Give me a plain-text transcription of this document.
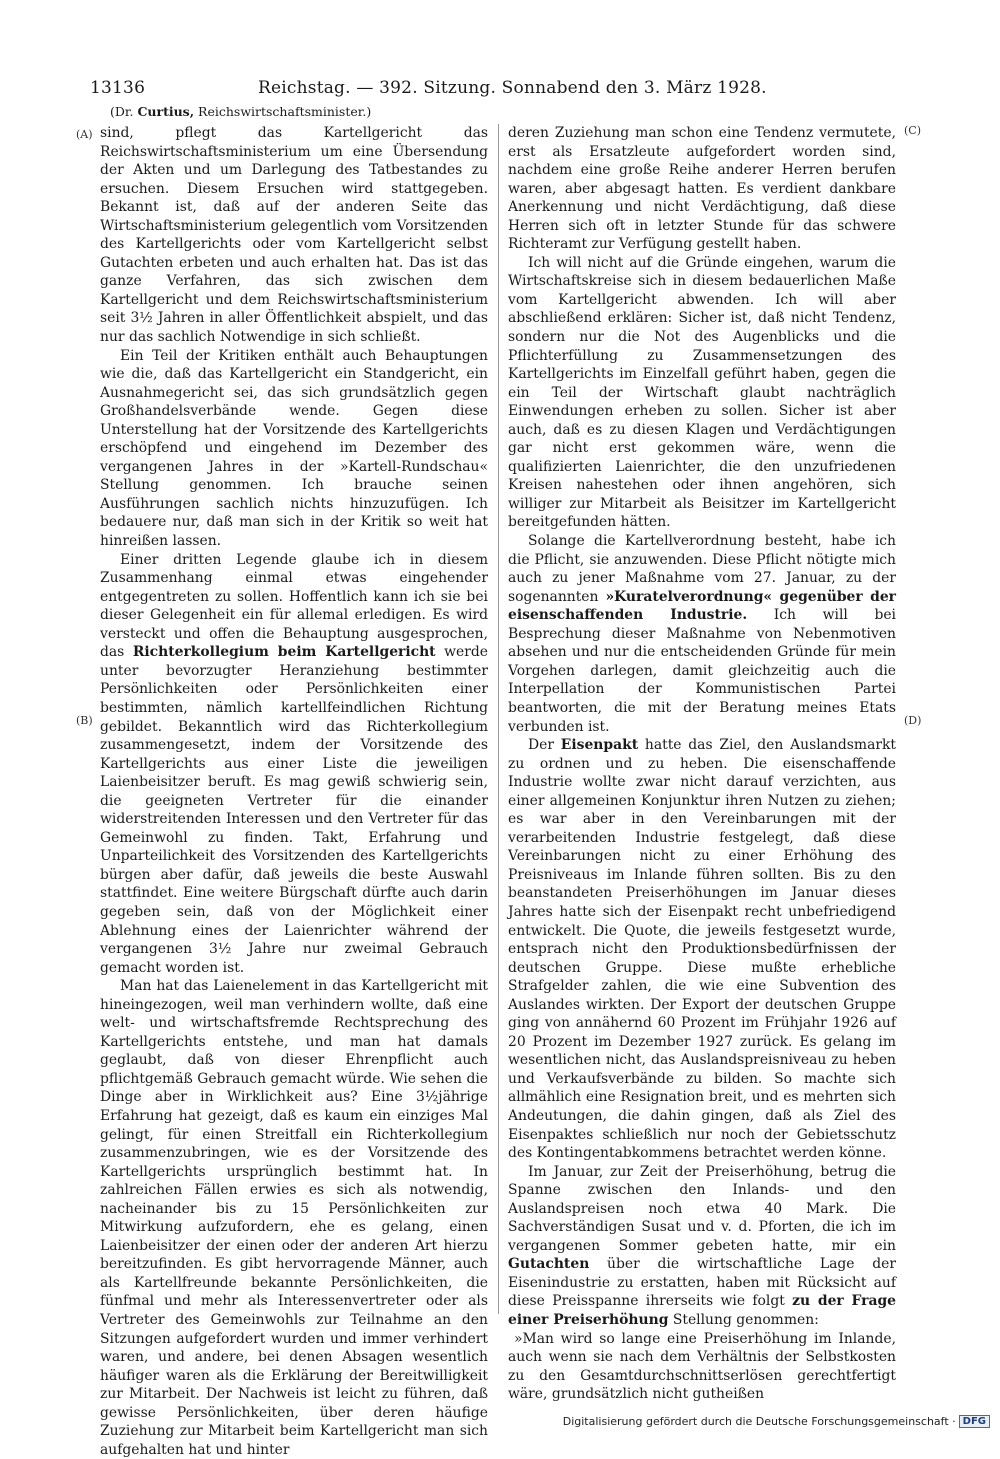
13136	Reichstag. — 392. Sitzung. Sonnabend den 3. März 1928.
(Dr. Curtius, Reichswirtschaftsminister.)
(A)
(B)
(C)
(D)

sind, pflegt das Kartellgericht das Reichswirtschaftsministerium um eine Übersendung der Akten und um Darlegung des Tatbestandes zu ersuchen. Diesem Ersuchen wird stattgegeben. Bekannt ist, daß auf der anderen Seite das Wirtschaftsministerium gelegentlich vom Vorsitzenden des Kartellgerichts oder vom Kartellgericht selbst Gutachten erbeten und auch erhalten hat. Das ist das ganze Verfahren, das sich zwischen dem Kartellgericht und dem Reichswirtschaftsministerium seit 3½ Jahren in aller Öffentlichkeit abspielt, und das nur das sachlich Notwendige in sich schließt.

Ein Teil der Kritiken enthält auch Behauptungen wie die, daß das Kartellgericht ein Standgericht, ein Ausnahmegericht sei, das sich grundsätzlich gegen Großhandelsverbände wende. Gegen diese Unterstellung hat der Vorsitzende des Kartellgerichts erschöpfend und eingehend im Dezember des vergangenen Jahres in der »Kartell-Rundschau« Stellung genommen. Ich brauche seinen Ausführungen sachlich nichts hinzuzufügen. Ich bedauere nur, daß man sich in der Kritik so weit hat hinreißen lassen.

Einer dritten Legende glaube ich in diesem Zusammenhang einmal etwas eingehender entgegentreten zu sollen. Hoffentlich kann ich sie bei dieser Gelegenheit ein für allemal erledigen. Es wird versteckt und offen die Behauptung ausgesprochen, das Richterkollegium beim Kartellgericht werde unter bevorzugter Heranziehung bestimmter Persönlichkeiten oder Persönlichkeiten einer bestimmten, nämlich kartellfeindlichen Richtung gebildet. Bekanntlich wird das Richterkollegium zusammengesetzt, indem der Vorsitzende des Kartellgerichts aus einer Liste die jeweiligen Laienbeisitzer beruft. Es mag gewiß schwierig sein, die geeigneten Vertreter für die einander widerstreitenden Interessen und den Vertreter für das Gemeinwohl zu finden. Takt, Erfahrung und Unparteilichkeit des Vorsitzenden des Kartellgerichts bürgen aber dafür, daß jeweils die beste Auswahl stattfindet. Eine weitere Bürgschaft dürfte auch darin gegeben sein, daß von der Möglichkeit einer Ablehnung eines der Laienrichter während der vergangenen 3½ Jahre nur zweimal Gebrauch gemacht worden ist.

Man hat das Laienelement in das Kartellgericht mit hineingezogen, weil man verhindern wollte, daß eine welt- und wirtschaftsfremde Rechtsprechung des Kartellgerichts entstehe, und man hat damals geglaubt, daß von dieser Ehrenpflicht auch pflichtgemäß Gebrauch gemacht würde. Wie sehen die Dinge aber in Wirklichkeit aus? Eine 3½jährige Erfahrung hat gezeigt, daß es kaum ein einziges Mal gelingt, für einen Streitfall ein Richterkollegium zusammenzubringen, wie es der Vorsitzende des Kartellgerichts ursprünglich bestimmt hat. In zahlreichen Fällen erwies es sich als notwendig, nacheinander bis zu 15 Persönlichkeiten zur Mitwirkung aufzufordern, ehe es gelang, einen Laienbeisitzer der einen oder der anderen Art hierzu bereitzufinden. Es gibt hervorragende Männer, auch als Kartellfreunde bekannte Persönlichkeiten, die fünfmal und mehr als Interessenvertreter oder als Vertreter des Gemeinwohls zur Teilnahme an den Sitzungen aufgefordert wurden und immer verhindert waren, und andere, bei denen Absagen wesentlich häufiger waren als die Erklärung der Bereitwilligkeit zur Mitarbeit. Der Nachweis ist leicht zu führen, daß gewisse Persönlichkeiten, über deren häufige Zuziehung zur Mitarbeit beim Kartellgericht man sich aufgehalten hat und hinter

deren Zuziehung man schon eine Tendenz vermutete, erst als Ersatzleute aufgefordert worden sind, nachdem eine große Reihe anderer Herren berufen waren, aber abgesagt hatten. Es verdient dankbare Anerkennung und nicht Verdächtigung, daß diese Herren sich oft in letzter Stunde für das schwere Richteramt zur Verfügung gestellt haben.

Ich will nicht auf die Gründe eingehen, warum die Wirtschaftskreise sich in diesem bedauerlichen Maße vom Kartellgericht abwenden. Ich will aber abschließend erklären: Sicher ist, daß nicht Tendenz, sondern nur die Not des Augenblicks und die Pflichterfüllung zu Zusammensetzungen des Kartellgerichts im Einzelfall geführt haben, gegen die ein Teil der Wirtschaft glaubt nachträglich Einwendungen erheben zu sollen. Sicher ist aber auch, daß es zu diesen Klagen und Verdächtigungen gar nicht erst gekommen wäre, wenn die qualifizierten Laienrichter, die den unzufriedenen Kreisen nahestehen oder ihnen angehören, sich williger zur Mitarbeit als Beisitzer im Kartellgericht bereitgefunden hätten.

Solange die Kartellverordnung besteht, habe ich die Pflicht, sie anzuwenden. Diese Pflicht nötigte mich auch zu jener Maßnahme vom 27. Januar, zu der sogenannten »Kuratelverordnung« gegenüber der eisenschaffenden Industrie. Ich will bei Besprechung dieser Maßnahme von Nebenmotiven absehen und nur die entscheidenden Gründe für mein Vorgehen darlegen, damit gleichzeitig auch die Interpellation der Kommunistischen Partei beantworten, die mit der Beratung meines Etats verbunden ist.

Der Eisenpakt hatte das Ziel, den Auslandsmarkt zu ordnen und zu heben. Die eisenschaffende Industrie wollte zwar nicht darauf verzichten, aus einer allgemeinen Konjunktur ihren Nutzen zu ziehen; es war aber in den Vereinbarungen mit der verarbeitenden Industrie festgelegt, daß diese Vereinbarungen nicht zu einer Erhöhung des Preisniveaus im Inlande führen sollten. Bis zu den beanstandeten Preiserhöhungen im Januar dieses Jahres hatte sich der Eisenpakt recht unbefriedigend entwickelt. Die Quote, die jeweils festgesetzt wurde, entsprach nicht den Produktionsbedürfnissen der deutschen Gruppe. Diese mußte erhebliche Strafgelder zahlen, die wie eine Subvention des Auslandes wirkten. Der Export der deutschen Gruppe ging von annähernd 60 Prozent im Frühjahr 1926 auf 20 Prozent im Dezember 1927 zurück. Es gelang im wesentlichen nicht, das Auslandspreisniveau zu heben und Verkaufsverbände zu bilden. So machte sich allmählich eine Resignation breit, und es mehrten sich Andeutungen, die dahin gingen, daß als Ziel des Eisenpaktes schließlich nur noch der Gebietsschutz des Kontingentabkommens betrachtet werden könne.

Im Januar, zur Zeit der Preiserhöhung, betrug die Spanne zwischen den Inlands- und den Auslandspreisen noch etwa 40 Mark. Die Sachverständigen Susat und v. d. Pforten, die ich im vergangenen Sommer gebeten hatte, mir ein Gutachten über die wirtschaftliche Lage der Eisenindustrie zu erstatten, haben mit Rücksicht auf diese Preisspanne ihrerseits wie folgt zu der Frage einer Preiserhöhung Stellung genommen:

»Man wird so lange eine Preiserhöhung im Inlande, auch wenn sie nach dem Verhältnis der Selbstkosten zu den Gesamtdurchschnittserlösen gerechtfertigt wäre, grundsätzlich nicht gutheißen

Digitalisierung gefördert durch die Deutsche Forschungsgemeinschaft · DFG
